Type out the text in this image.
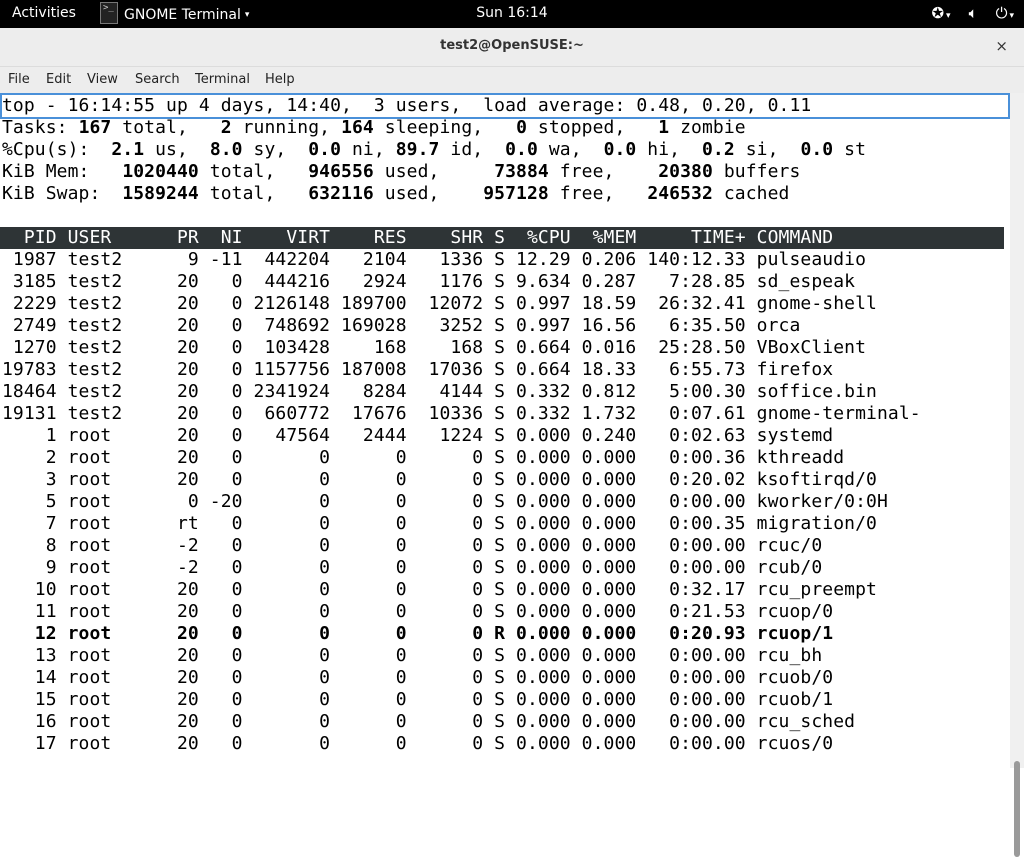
Activities	>_ GNOME Terminal ▾	Sun 16:14	✪ ▾ 🔈︎ ⏻ ▾
test2@OpenSUSE:~	×
File Edit View Search Terminal Help
top - 16:14:55 up 4 days, 14:40,  3 users,  load average: 0.48, 0.20, 0.11
Tasks: 167 total,   2 running, 164 sleeping,   0 stopped,   1 zombie
%Cpu(s):  2.1 us,  8.0 sy,  0.0 ni, 89.7 id,  0.0 wa,  0.0 hi,  0.2 si,  0.0 st
KiB Mem:   1020440 total,   946556 used,     73884 free,    20380 buffers
KiB Swap:  1589244 total,   632116 used,    957128 free,   246532 cached
PID USER      PR  NI    VIRT    RES    SHR S  %CPU  %MEM     TIME+ COMMAND
1987 test2      9 -11  442204   2104   1336 S 12.29 0.206 140:12.33 pulseaudio
3185 test2     20   0  444216   2924   1176 S 9.634 0.287   7:28.85 sd_espeak
2229 test2     20   0 2126148 189700  12072 S 0.997 18.59  26:32.41 gnome-shell
2749 test2     20   0  748692 169028   3252 S 0.997 16.56   6:35.50 orca
1270 test2     20   0  103428    168    168 S 0.664 0.016  25:28.50 VBoxClient
19783 test2     20   0 1157756 187008  17036 S 0.664 18.33   6:55.73 firefox
18464 test2     20   0 2341924   8284   4144 S 0.332 0.812   5:00.30 soffice.bin
19131 test2     20   0  660772  17676  10336 S 0.332 1.732   0:07.61 gnome-terminal-
1 root      20   0   47564   2444   1224 S 0.000 0.240   0:02.63 systemd
2 root      20   0       0      0      0 S 0.000 0.000   0:00.36 kthreadd
3 root      20   0       0      0      0 S 0.000 0.000   0:20.02 ksoftirqd/0
5 root       0 -20       0      0      0 S 0.000 0.000   0:00.00 kworker/0:0H
7 root      rt   0       0      0      0 S 0.000 0.000   0:00.35 migration/0
8 root      -2   0       0      0      0 S 0.000 0.000   0:00.00 rcuc/0
9 root      -2   0       0      0      0 S 0.000 0.000   0:00.00 rcub/0
10 root      20   0       0      0      0 S 0.000 0.000   0:32.17 rcu_preempt
11 root      20   0       0      0      0 S 0.000 0.000   0:21.53 rcuop/0
12 root      20   0       0      0      0 R 0.000 0.000   0:20.93 rcuop/1
13 root      20   0       0      0      0 S 0.000 0.000   0:00.00 rcu_bh
14 root      20   0       0      0      0 S 0.000 0.000   0:00.00 rcuob/0
15 root      20   0       0      0      0 S 0.000 0.000   0:00.00 rcuob/1
16 root      20   0       0      0      0 S 0.000 0.000   0:00.00 rcu_sched
17 root      20   0       0      0      0 S 0.000 0.000   0:00.00 rcuos/0
